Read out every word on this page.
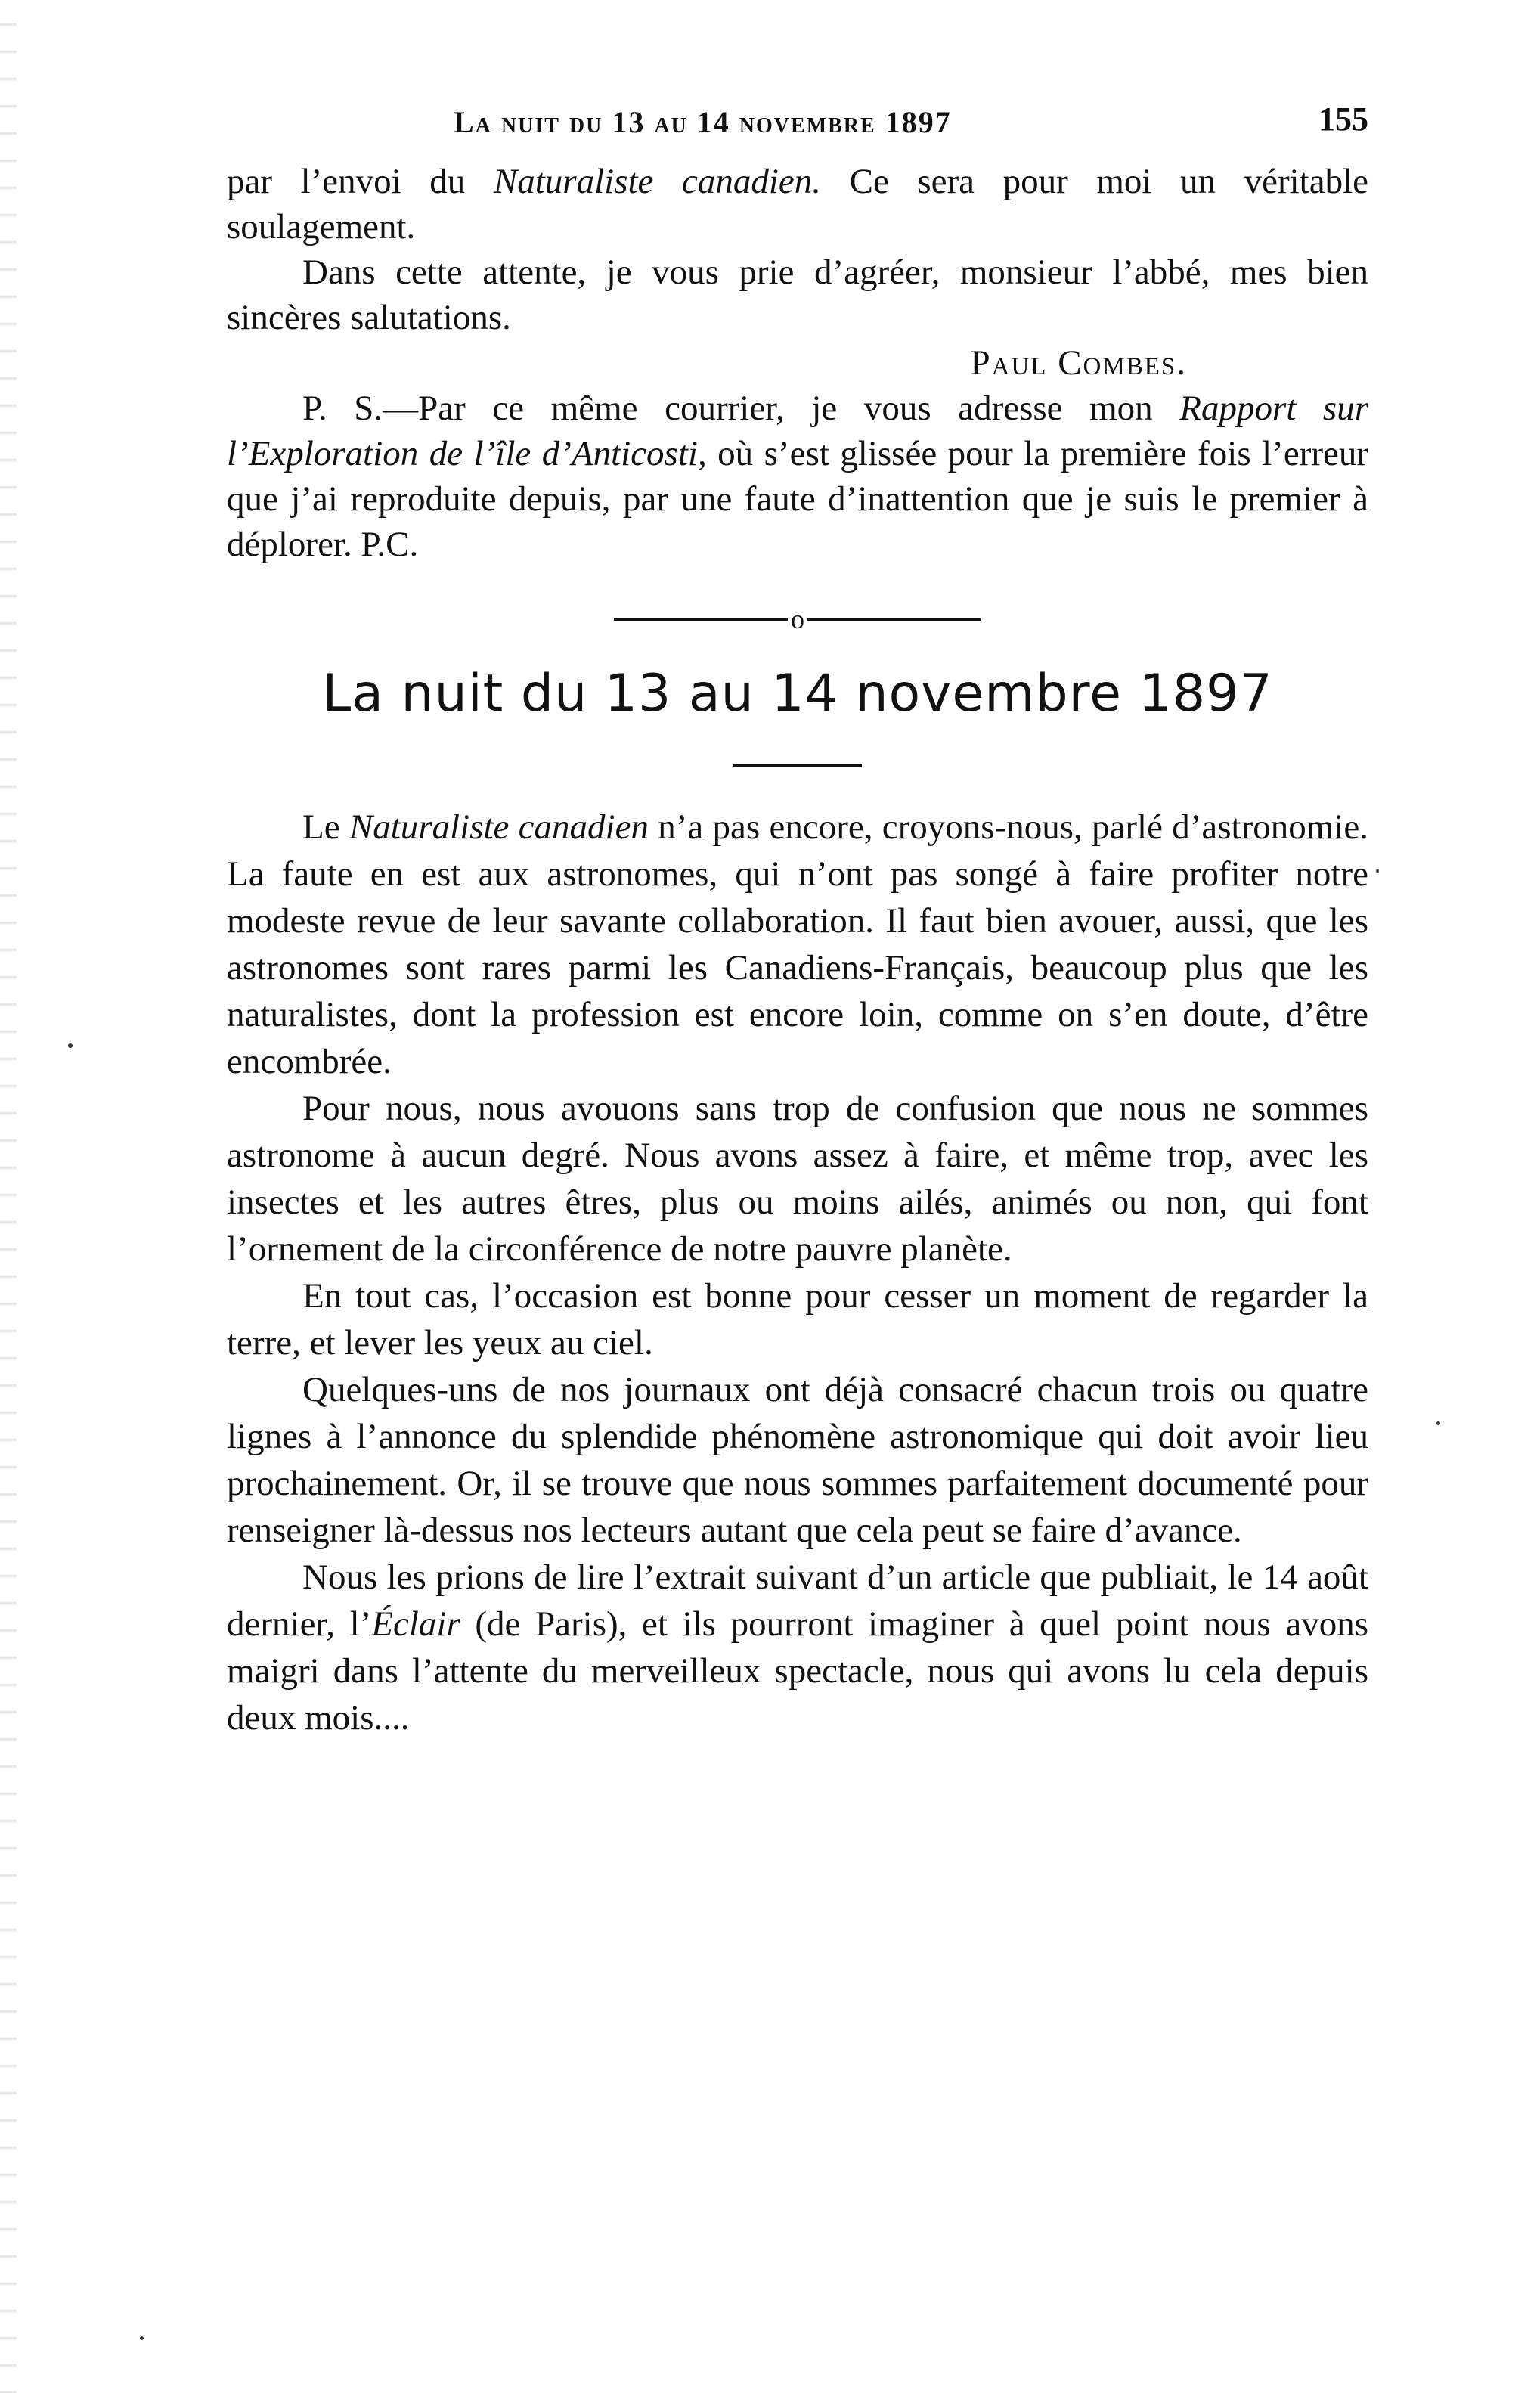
La nuit du 13 au 14 novembre 1897	155

par l’envoi du Naturaliste canadien. Ce sera pour moi un véritable soulagement.

Dans cette attente, je vous prie d’agréer, monsieur l’abbé, mes bien sincères salutations.

Paul Combes.

P. S.—Par ce même courrier, je vous adresse mon Rapport sur l’Exploration de l’île d’Anticosti, où s’est glissée pour la première fois l’erreur que j’ai reproduite depuis, par une faute d’inattention que je suis le premier à déplorer. P.C.

o
La nuit du 13 au 14 novembre 1897

Le Naturaliste canadien n’a pas encore, croyons-nous, parlé d’astronomie. La faute en est aux astronomes, qui n’ont pas songé à faire profiter notre modeste revue de leur savante collaboration. Il faut bien avouer, aussi, que les astronomes sont rares parmi les Canadiens-Français, beaucoup plus que les naturalistes, dont la profession est encore loin, comme on s’en doute, d’être encombrée.

Pour nous, nous avouons sans trop de confusion que nous ne sommes astronome à aucun degré. Nous avons assez à faire, et même trop, avec les insectes et les autres êtres, plus ou moins ailés, animés ou non, qui font l’ornement de la circonférence de notre pauvre planète.

En tout cas, l’occasion est bonne pour cesser un moment de regarder la terre, et lever les yeux au ciel.

Quelques-uns de nos journaux ont déjà consacré chacun trois ou quatre lignes à l’annonce du splendide phénomène astronomique qui doit avoir lieu prochainement. Or, il se trouve que nous sommes parfaitement documenté pour renseigner là-dessus nos lecteurs autant que cela peut se faire d’avance.

Nous les prions de lire l’extrait suivant d’un article que publiait, le 14 août dernier, l’Éclair (de Paris), et ils pourront imaginer à quel point nous avons maigri dans l’attente du merveilleux spectacle, nous qui avons lu cela depuis deux mois....
